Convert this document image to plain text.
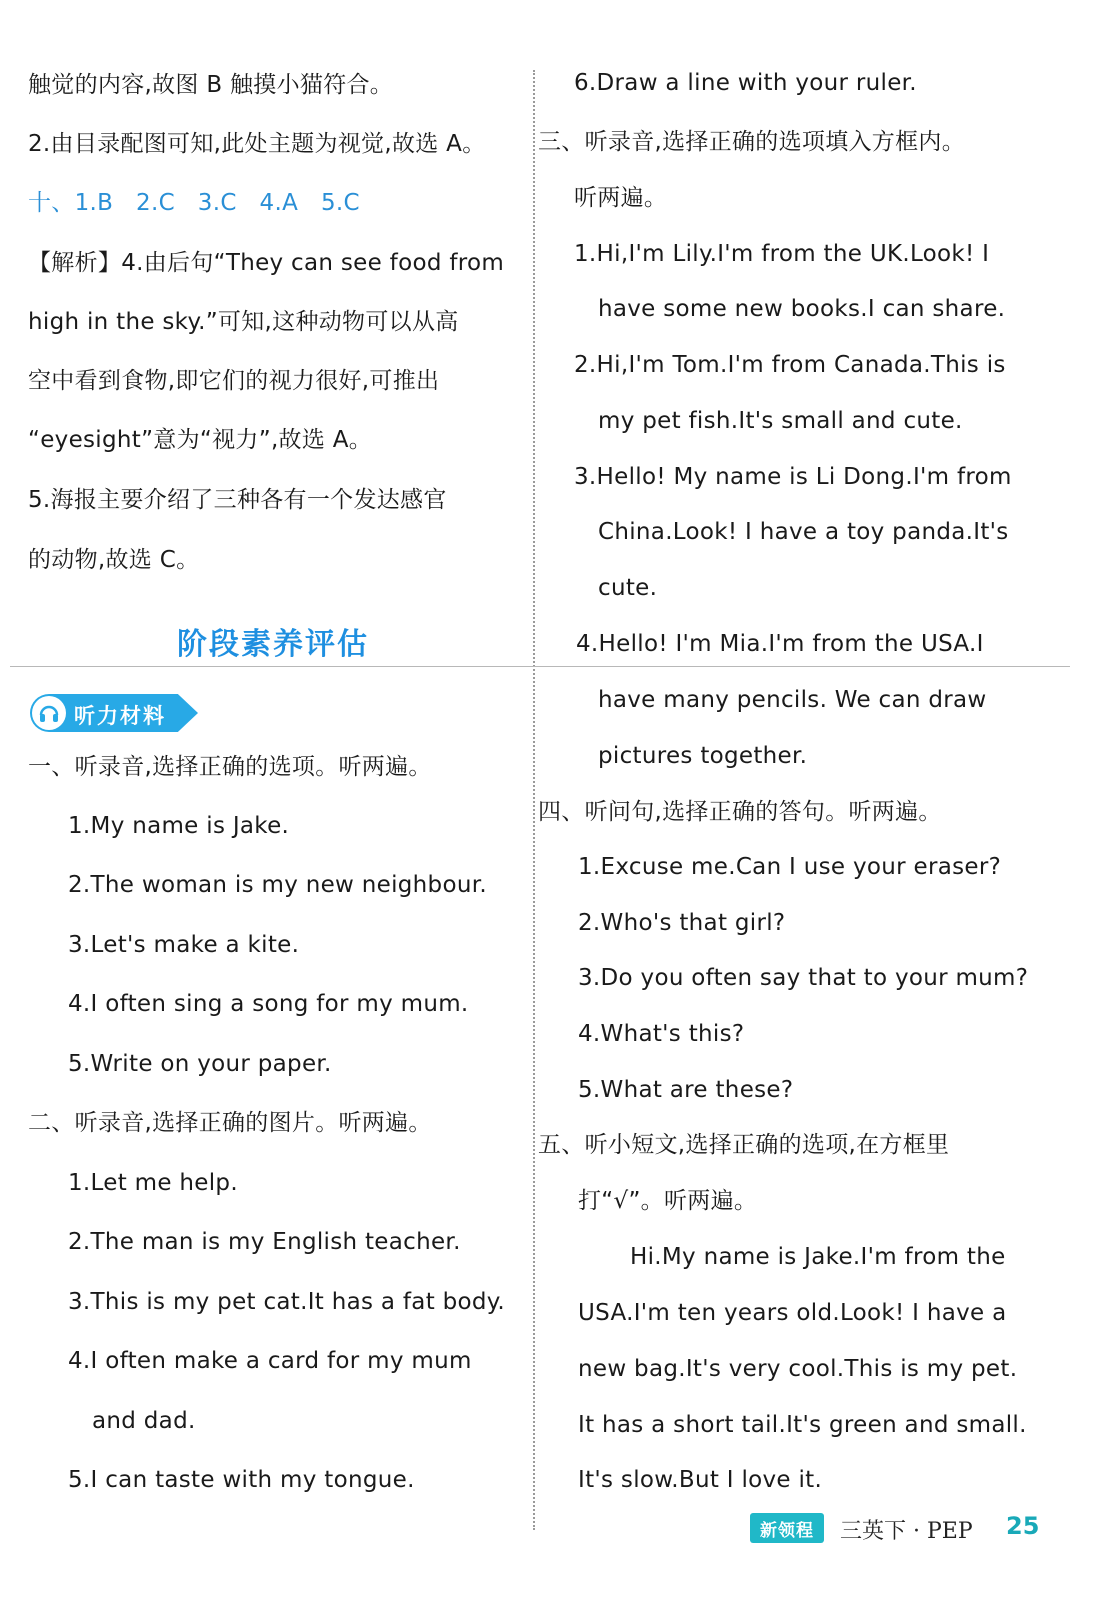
触觉的内容,故图 B 触摸小猫符合。
2.由目录配图可知,此处主题为视觉,故选 A。
十、1.B   2.C   3.C   4.A   5.C
【解析】4.由后句“They can see food from
high in the sky.”可知,这种动物可以从高
空中看到食物,即它们的视力很好,可推出
“eyesight”意为“视力”,故选 A。
5.海报主要介绍了三种各有一个发达感官
的动物,故选 C。
阶段素养评估
听力材料
一、听录音,选择正确的选项。听两遍。
1.My name is Jake.
2.The woman is my new neighbour.
3.Let's make a kite.
4.I often sing a song for my mum.
5.Write on your paper.
二、听录音,选择正确的图片。听两遍。
1.Let me help.
2.The man is my English teacher.
3.This is my pet cat.It has a fat body.
4.I often make a card for my mum
and dad.
5.I can taste with my tongue.
6.Draw a line with your ruler.
三、听录音,选择正确的选项填入方框内。
听两遍。
1.Hi,I'm Lily.I'm from the UK.Look! I
have some new books.I can share.
2.Hi,I'm Tom.I'm from Canada.This is
my pet fish.It's small and cute.
3.Hello! My name is Li Dong.I'm from
China.Look! I have a toy panda.It's
cute.
4.Hello! I'm Mia.I'm from the USA.I
have many pencils. We can draw
pictures together.
四、听问句,选择正确的答句。听两遍。
1.Excuse me.Can I use your eraser?
2.Who's that girl?
3.Do you often say that to your mum?
4.What's this?
5.What are these?
五、听小短文,选择正确的选项,在方框里
打“√”。听两遍。
Hi.My name is Jake.I'm from the
USA.I'm ten years old.Look! I have a
new bag.It's very cool.This is my pet.
It has a short tail.It's green and small.
It's slow.But I love it.
新领程	三英下 · PEP 25
